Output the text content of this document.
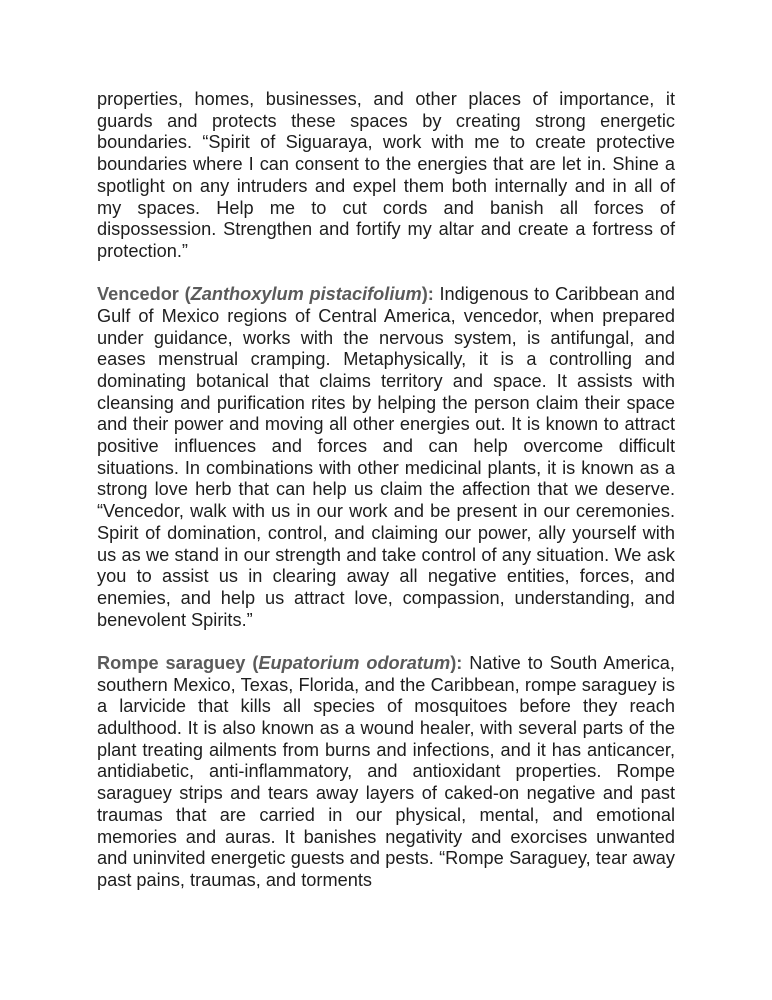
properties, homes, businesses, and other places of importance, it guards and protects these spaces by creating strong energetic boundaries. “Spirit of Siguaraya, work with me to create protective boundaries where I can consent to the energies that are let in. Shine a spotlight on any intruders and expel them both internally and in all of my spaces. Help me to cut cords and banish all forces of dispossession. Strengthen and fortify my altar and create a fortress of protection.”

Vencedor (Zanthoxylum pistacifolium): Indigenous to Caribbean and Gulf of Mexico regions of Central America, vencedor, when prepared under guidance, works with the nervous system, is antifungal, and eases menstrual cramping. Metaphysically, it is a controlling and dominating botanical that claims territory and space. It assists with cleansing and purification rites by helping the person claim their space and their power and moving all other energies out. It is known to attract positive influences and forces and can help overcome difficult situations. In combinations with other medicinal plants, it is known as a strong love herb that can help us claim the affection that we deserve. “Vencedor, walk with us in our work and be present in our ceremonies. Spirit of domination, control, and claiming our power, ally yourself with us as we stand in our strength and take control of any situation. We ask you to assist us in clearing away all negative entities, forces, and enemies, and help us attract love, compassion, understanding, and benevolent Spirits.”

Rompe saraguey (Eupatorium odoratum): Native to South America, southern Mexico, Texas, Florida, and the Caribbean, rompe saraguey is a larvicide that kills all species of mosquitoes before they reach adulthood. It is also known as a wound healer, with several parts of the plant treating ailments from burns and infections, and it has anticancer, antidiabetic, anti-inflammatory, and antioxidant properties. Rompe saraguey strips and tears away layers of caked-on negative and past traumas that are carried in our physical, mental, and emotional memories and auras. It banishes negativity and exorcises unwanted and uninvited energetic guests and pests. “Rompe Saraguey, tear away past pains, traumas, and torments
